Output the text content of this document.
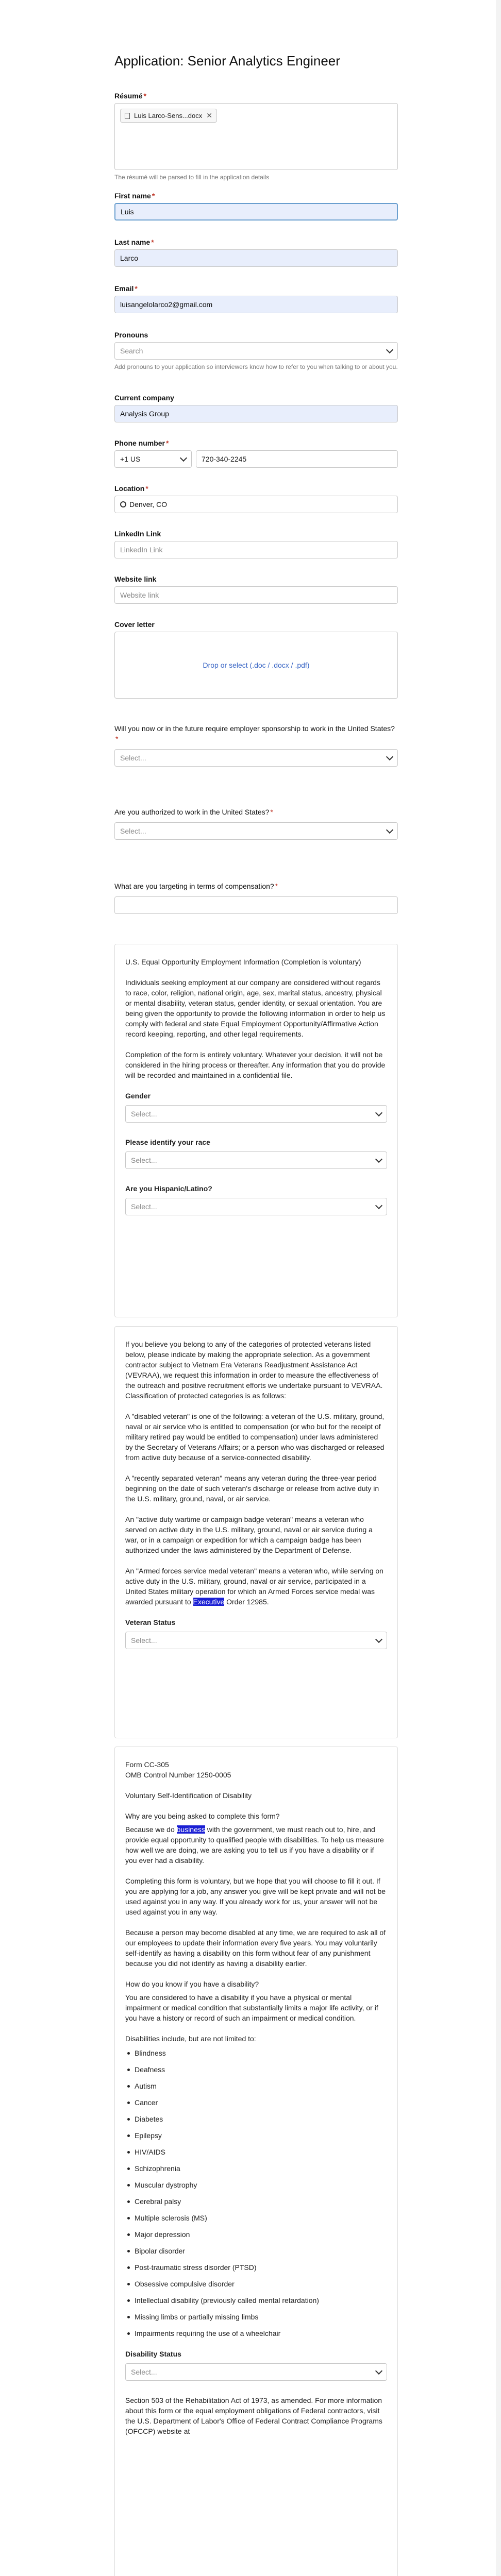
Application: Senior Analytics Engineer
Résumé *
Luis Larco-Sens...docx ✕
The résumé will be parsed to fill in the application details
First name *
Luis
Last name *
Larco
Email *
luisangelolarco2@gmail.com
Pronouns
Search
Add pronouns to your application so interviewers know how to refer to you when talking to or about you.
Current company
Analysis Group
Phone number *
+1 US	720-340-2245
Location *
Denver, CO
LinkedIn Link
LinkedIn Link
Website link
Website link
Cover letter
Drop or select (.doc / .docx / .pdf)
Will you now or in the future require employer sponsorship to work in the United States?*
Select...
Are you authorized to work in the United States? *
Select...
What are you targeting in terms of compensation? *

U.S. Equal Opportunity Employment Information (Completion is voluntary)

Individuals seeking employment at our company are considered without regards to race, color, religion, national origin, age, sex, marital status, ancestry, physical or mental disability, veteran status, gender identity, or sexual orientation. You are being given the opportunity to provide the following information in order to help us comply with federal and state Equal Employment Opportunity/Affirmative Action record keeping, reporting, and other legal requirements.

Completion of the form is entirely voluntary. Whatever your decision, it will not be considered in the hiring process or thereafter. Any information that you do provide will be recorded and maintained in a confidential file.

Gender
Select...
Please identify your race
Select...
Are you Hispanic/Latino?
Select...

If you believe you belong to any of the categories of protected veterans listed below, please indicate by making the appropriate selection. As a government contractor subject to Vietnam Era Veterans Readjustment Assistance Act (VEVRAA), we request this information in order to measure the effectiveness of the outreach and positive recruitment efforts we undertake pursuant to VEVRAA. Classification of protected categories is as follows:

A "disabled veteran" is one of the following: a veteran of the U.S. military, ground, naval or air service who is entitled to compensation (or who but for the receipt of military retired pay would be entitled to compensation) under laws administered by the Secretary of Veterans Affairs; or a person who was discharged or released from active duty because of a service-connected disability.

A "recently separated veteran" means any veteran during the three-year period beginning on the date of such veteran's discharge or release from active duty in the U.S. military, ground, naval, or air service.

An "active duty wartime or campaign badge veteran" means a veteran who served on active duty in the U.S. military, ground, naval or air service during a war, or in a campaign or expedition for which a campaign badge has been authorized under the laws administered by the Department of Defense.

An "Armed forces service medal veteran" means a veteran who, while serving on active duty in the U.S. military, ground, naval or air service, participated in a United States military operation for which an Armed Forces service medal was awarded pursuant to Executive Order 12985.

Veteran Status
Select...

Form CC-305

OMB Control Number 1250-0005

Voluntary Self-Identification of Disability

Why are you being asked to complete this form?

Because we do business with the government, we must reach out to, hire, and provide equal opportunity to qualified people with disabilities. To help us measure how well we are doing, we are asking you to tell us if you have a disability or if you ever had a disability.

Completing this form is voluntary, but we hope that you will choose to fill it out. If you are applying for a job, any answer you give will be kept private and will not be used against you in any way. If you already work for us, your answer will not be used against you in any way.

Because a person may become disabled at any time, we are required to ask all of our employees to update their information every five years. You may voluntarily self-identify as having a disability on this form without fear of any punishment because you did not identify as having a disability earlier.

How do you know if you have a disability?

You are considered to have a disability if you have a physical or mental impairment or medical condition that substantially limits a major life activity, or if you have a history or record of such an impairment or medical condition.

Disabilities include, but are not limited to:

Blindness
Deafness
Autism
Cancer
Diabetes
Epilepsy
HIV/AIDS
Schizophrenia
Muscular dystrophy
Cerebral palsy
Multiple sclerosis (MS)
Major depression
Bipolar disorder
Post-traumatic stress disorder (PTSD)
Obsessive compulsive disorder
Intellectual disability (previously called mental retardation)
Missing limbs or partially missing limbs
Impairments requiring the use of a wheelchair
Disability Status
Select...

Section 503 of the Rehabilitation Act of 1973, as amended. For more information about this form or the equal employment obligations of Federal contractors, visit the U.S. Department of Labor's Office of Federal Contract Compliance Programs (OFCCP) website at
